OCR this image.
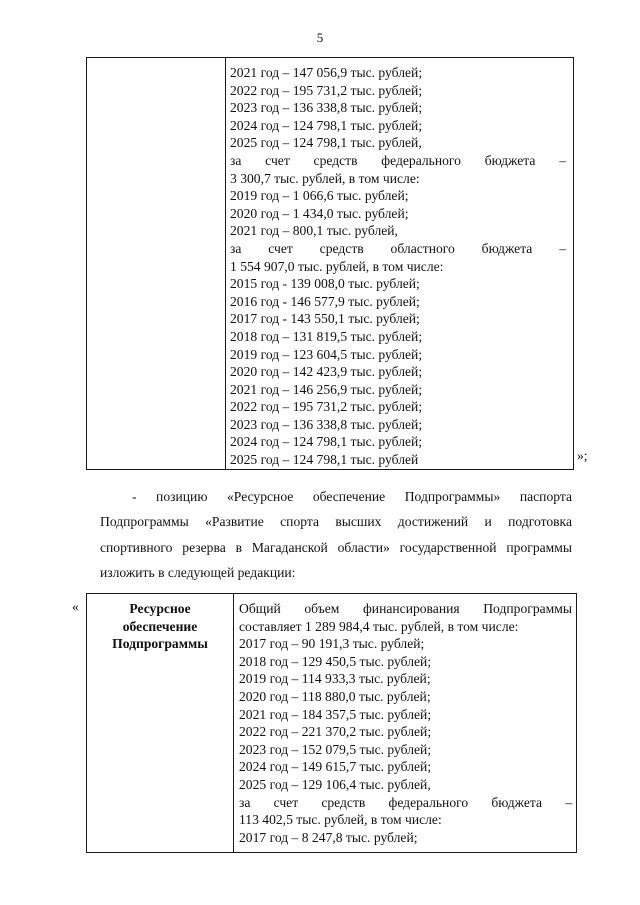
5
2021 год – 147 056,9 тыс. рублей;
2022 год – 195 731,2 тыс. рублей;
2023 год – 136 338,8 тыс. рублей;
2024 год – 124 798,1 тыс. рублей;
2025 год – 124 798,1 тыс. рублей,
за счет средств федерального бюджета –
3 300,7 тыс. рублей, в том числе:
2019 год – 1 066,6 тыс. рублей;
2020 год – 1 434,0 тыс. рублей;
2021 год – 800,1 тыс. рублей,
за счет средств областного бюджета –
1 554 907,0 тыс. рублей, в том числе:
2015 год - 139 008,0 тыс. рублей;
2016 год - 146 577,9 тыс. рублей;
2017 год - 143 550,1 тыс. рублей;
2018 год – 131 819,5 тыс. рублей;
2019 год – 123 604,5 тыс. рублей;
2020 год – 142 423,9 тыс. рублей;
2021 год – 146 256,9 тыс. рублей;
2022 год – 195 731,2 тыс. рублей;
2023 год – 136 338,8 тыс. рублей;
2024 год – 124 798,1 тыс. рублей;
2025 год – 124 798,1 тыс. рублей	»;
- позицию «Ресурсное обеспечение Подпрограммы» паспорта
Подпрограммы «Развитие спорта высших достижений и подготовка
спортивного резерва в Магаданской области» государственной программы
изложить в следующей редакции:
«	Ресурсное
обеспечение
Подпрограммы
Общий объем финансирования Подпрограммы
составляет 1 289 984,4 тыс. рублей, в том числе:
2017 год – 90 191,3 тыс. рублей;
2018 год – 129 450,5 тыс. рублей;
2019 год – 114 933,3 тыс. рублей;
2020 год – 118 880,0 тыс. рублей;
2021 год – 184 357,5 тыс. рублей;
2022 год – 221 370,2 тыс. рублей;
2023 год – 152 079,5 тыс. рублей;
2024 год – 149 615,7 тыс. рублей;
2025 год – 129 106,4 тыс. рублей,
за счет средств федерального бюджета –
113 402,5 тыс. рублей, в том числе:
2017 год – 8 247,8 тыс. рублей;
